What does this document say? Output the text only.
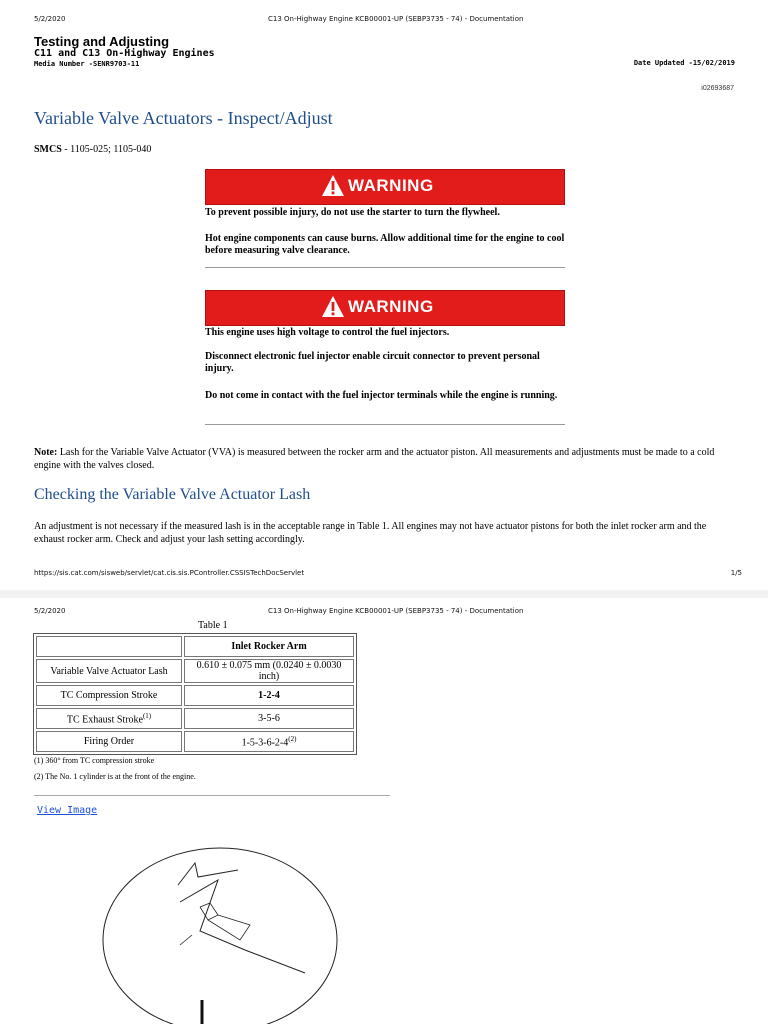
5/2/2020	C13 On-Highway Engine KCB00001-UP (SEBP3735 - 74) - Documentation
Testing and Adjusting
C11 and C13 On-Highway Engines
Media Number -SENR9703-11	Date Updated -15/02/2019
i02693687
Variable Valve Actuators - Inspect/Adjust
SMCS - 1105-025; 1105-040
WARNING
To prevent possible injury, do not use the starter to turn the flywheel.
Hot engine components can cause burns. Allow additional time for the engine to cool before measuring valve clearance.
WARNING
This engine uses high voltage to control the fuel injectors.
Disconnect electronic fuel injector enable circuit connector to prevent personal injury.
Do not come in contact with the fuel injector terminals while the engine is running.
Note: Lash for the Variable Valve Actuator (VVA) is measured between the rocker arm and the actuator piston. All measurements and adjustments must be made to a cold engine with the valves closed.
Checking the Variable Valve Actuator Lash
An adjustment is not necessary if the measured lash is in the acceptable range in Table 1. All engines may not have actuator pistons for both the inlet rocker arm and the exhaust rocker arm. Check and adjust your lash setting accordingly.
https://sis.cat.com/sisweb/servlet/cat.cis.sis.PController.CSSISTechDocServlet	1/5
5/2/2020	C13 On-Highway Engine KCB00001-UP (SEBP3735 - 74) - Documentation
Table 1
	Inlet Rocker Arm
Variable Valve Actuator Lash	0.610 ± 0.075 mm (0.0240 ± 0.0030 inch)
TC Compression Stroke	1-2-4
TC Exhaust Stroke$^{(1)}$	3-5-6
Firing Order	1-5-3-6-2-4$^{(2)}$
(1) 360° from TC compression stroke
(2) The No. 1 cylinder is at the front of the engine.
View Image
